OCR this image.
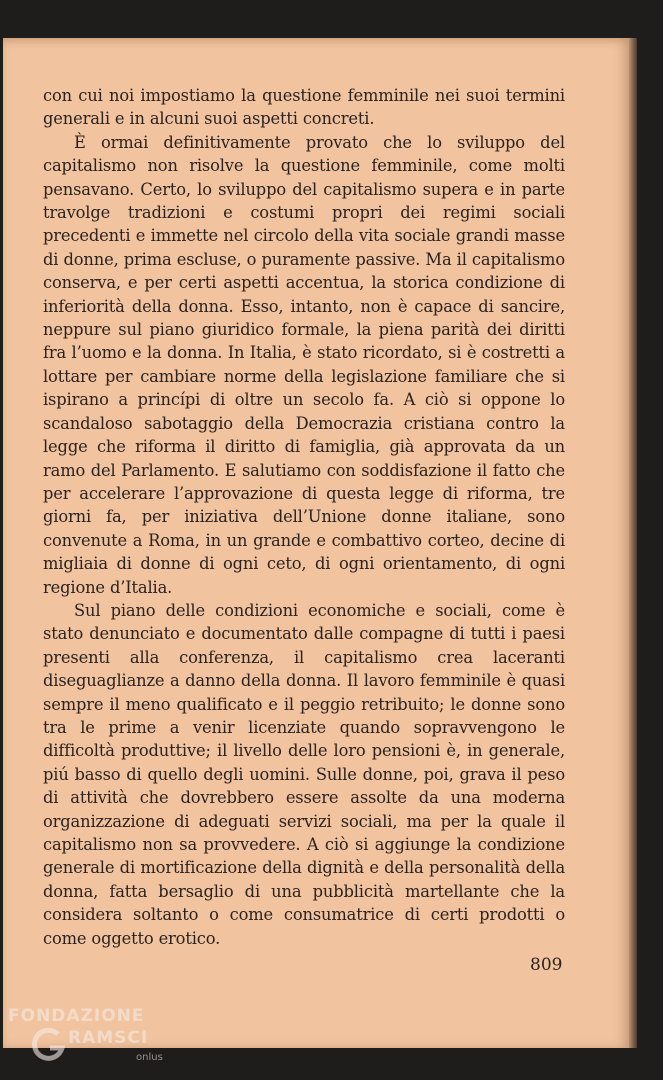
con cui noi impostiamo la questione femminile nei suoi termini generali e in alcuni suoi aspetti concreti.

È ormai definitivamente provato che lo sviluppo del capitalismo non risolve la questione femminile, come molti pensavano. Certo, lo sviluppo del capitalismo supera e in parte travolge tradizioni e costumi propri dei regimi sociali precedenti e immette nel circolo della vita sociale grandi masse di donne, prima escluse, o puramente passive. Ma il capitalismo conserva, e per certi aspetti accentua, la storica condizione di inferiorità della donna. Esso, intanto, non è capace di sancire, neppure sul piano giuridico formale, la piena parità dei diritti fra l’uomo e la donna. In Italia, è stato ricordato, si è costretti a lottare per cambiare norme della legislazione familiare che si ispirano a princípi di oltre un secolo fa. A ciò si oppone lo scandaloso sabotaggio della Democrazia cristiana contro la legge che riforma il diritto di famiglia, già approvata da un ramo del Parlamento. E salutiamo con soddisfazione il fatto che per accelerare l’approvazione di questa legge di riforma, tre giorni fa, per iniziativa dell’Unione donne italiane, sono convenute a Roma, in un grande e combattivo corteo, decine di migliaia di donne di ogni ceto, di ogni orientamento, di ogni regione d’Italia.

Sul piano delle condizioni economiche e sociali, come è stato denunciato e documentato dalle compagne di tutti i paesi presenti alla conferenza, il capitalismo crea laceranti diseguaglianze a danno della donna. Il lavoro femminile è quasi sempre il meno qualificato e il peggio retribuito; le donne sono tra le prime a venir licenziate quando sopravvengono le difficoltà produttive; il livello delle loro pensioni è, in generale, piú basso di quello degli uomini. Sulle donne, poi, grava il peso di attività che dovrebbero essere assolte da una moderna organizzazione di adeguati servizi sociali, ma per la quale il capitalismo non sa provvedere. A ciò si aggiunge la condizione generale di mortificazione della dignità e della personalità della donna, fatta bersaglio di una pubblicità martellante che la considera soltanto o come consumatrice di certi prodotti o come oggetto erotico.

809
FONDAZIONE
RAMSCI
onlus
